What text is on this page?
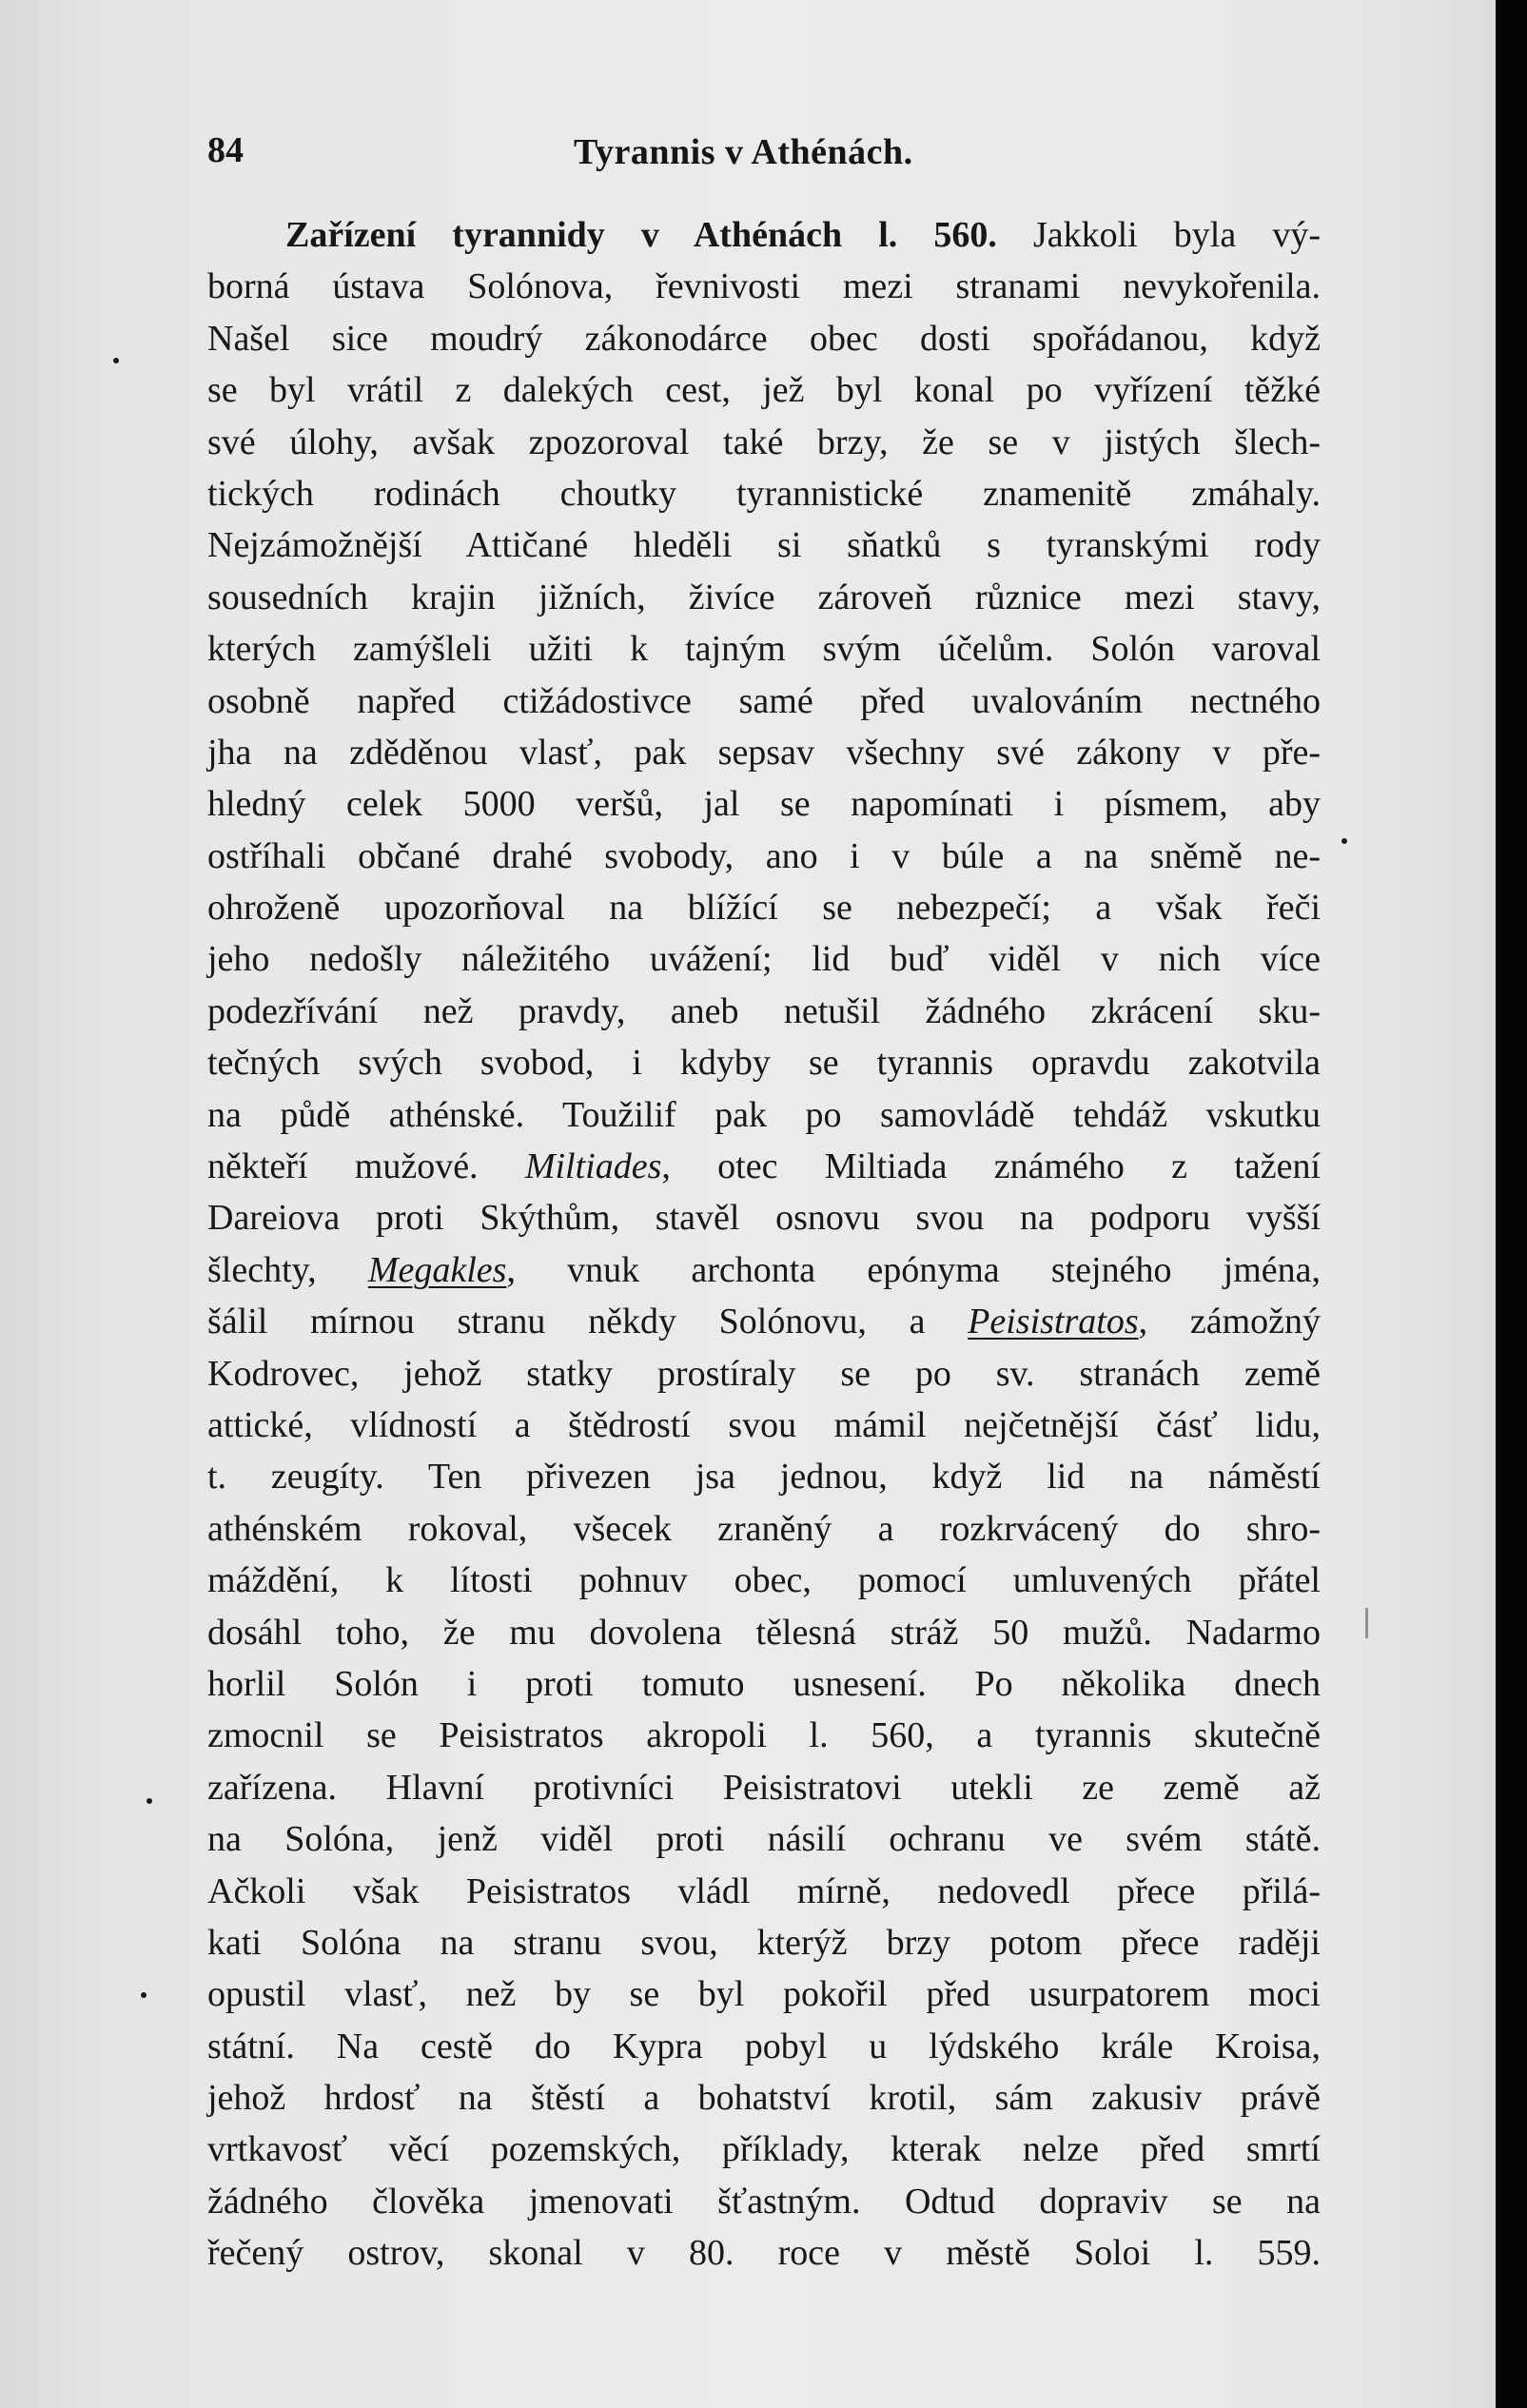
84	Tyrannis v Athénách.
Zařízení tyrannidy v Athénách l. 560. Jakkoli byla vý-
borná ústava Solónova, řevnivosti mezi stranami nevykořenila.
Našel sice moudrý zákonodárce obec dosti spořádanou, když
se byl vrátil z dalekých cest, jež byl konal po vyřízení těžké
své úlohy, avšak zpozoroval také brzy, že se v jistých šlech-
tických rodinách choutky tyrannistické znamenitě zmáhaly.
Nejzámožnější Attičané hleděli si sňatků s tyranskými rody
sousedních krajin jižních, živíce zároveň různice mezi stavy,
kterých zamýšleli užiti k tajným svým účelům. Solón varoval
osobně napřed ctižádostivce samé před uvalováním nectného
jha na zděděnou vlasť, pak sepsav všechny své zákony v pře-
hledný celek 5000 veršů, jal se napomínati i písmem, aby
ostříhali občané drahé svobody, ano i v búle a na sněmě ne-
ohroženě upozorňoval na blížící se nebezpečí; a však řeči
jeho nedošly náležitého uvážení; lid buď viděl v nich více
podezřívání než pravdy, aneb netušil žádného zkrácení sku-
tečných svých svobod, i kdyby se tyrannis opravdu zakotvila
na půdě athénské. Toužilif pak po samovládě tehdáž vskutku
někteří mužové. Miltiades, otec Miltiada známého z tažení
Dareiova proti Skýthům, stavěl osnovu svou na podporu vyšší
šlechty, Megakles, vnuk archonta epónyma stejného jména,
šálil mírnou stranu někdy Solónovu, a Peisistratos, zámožný
Kodrovec, jehož statky prostíraly se po sv. stranách země
attické, vlídností a štědrostí svou mámil nejčetnější čásť lidu,
t. zeugíty. Ten přivezen jsa jednou, když lid na náměstí
athénském rokoval, všecek zraněný a rozkrvácený do shro-
máždění, k lítosti pohnuv obec, pomocí umluvených přátel
dosáhl toho, že mu dovolena tělesná stráž 50 mužů. Nadarmo
horlil Solón i proti tomuto usnesení. Po několika dnech
zmocnil se Peisistratos akropoli l. 560, a tyrannis skutečně
zařízena. Hlavní protivníci Peisistratovi utekli ze země až
na Solóna, jenž viděl proti násilí ochranu ve svém státě.
Ačkoli však Peisistratos vládl mírně, nedovedl přece přilá-
kati Solóna na stranu svou, kterýž brzy potom přece raději
opustil vlasť, než by se byl pokořil před usurpatorem moci
státní. Na cestě do Kypra pobyl u lýdského krále Kroisa,
jehož hrdosť na štěstí a bohatství krotil, sám zakusiv právě
vrtkavosť věcí pozemských, příklady, kterak nelze před smrtí
žádného člověka jmenovati šťastným. Odtud dopraviv se na
řečený ostrov, skonal v 80. roce v městě Soloi l. 559.
